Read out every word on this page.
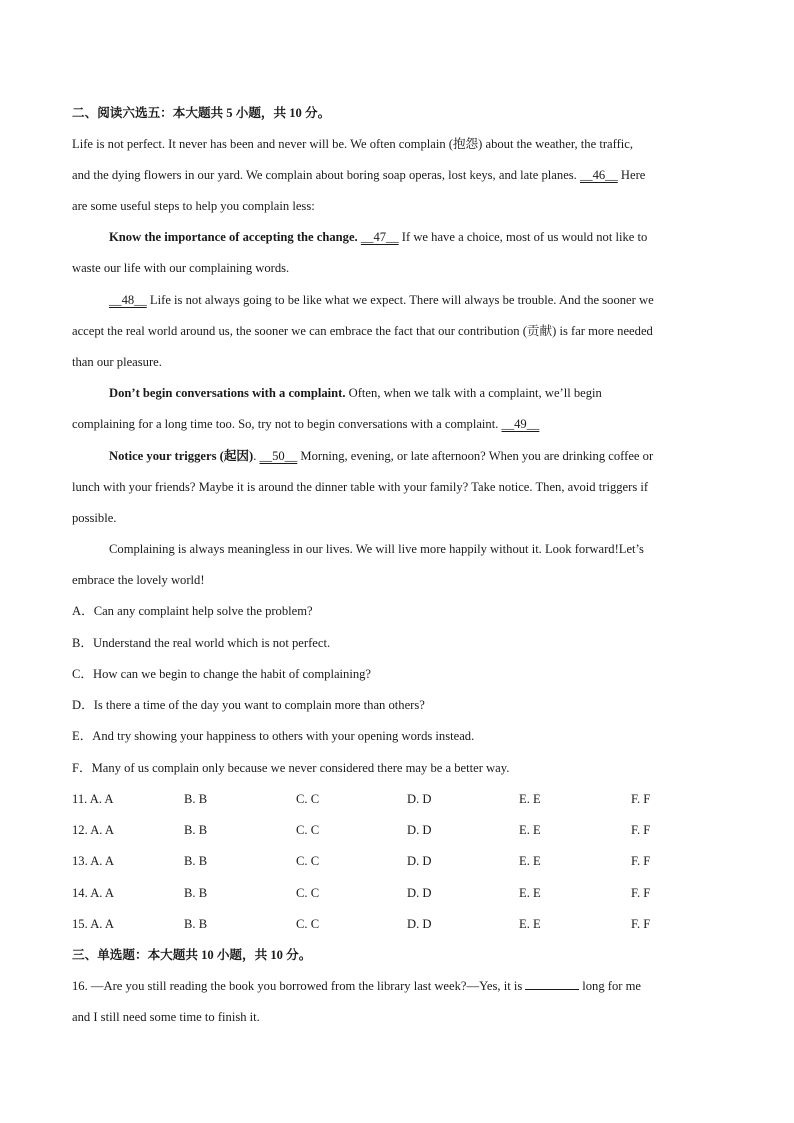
二、阅读六选五：本大题共 5 小题，共 10 分。
Life is not perfect. It never has been and never will be. We often complain (抱怨) about the weather, the traffic,
and the dying flowers in our yard. We complain about boring soap operas, lost keys, and late planes. __46__ Here
are some useful steps to help you complain less:
Know the importance of accepting the change. __47__ If we have a choice, most of us would not like to
waste our life with our complaining words.
__48__ Life is not always going to be like what we expect. There will always be trouble. And the sooner we
accept the real world around us, the sooner we can embrace the fact that our contribution (贡献) is far more needed
than our pleasure.
Don’t begin conversations with a complaint. Often, when we talk with a complaint, we’ll begin
complaining for a long time too. So, try not to begin conversations with a complaint. __49__
Notice your triggers (起因). __50__ Morning, evening, or late afternoon? When you are drinking coffee or
lunch with your friends? Maybe it is around the dinner table with your family? Take notice. Then, avoid triggers if
possible.
Complaining is always meaningless in our lives. We will live more happily without it. Look forward!Let’s
embrace the lovely world!
A．Can any complaint help solve the problem?
B．Understand the real world which is not perfect.
C．How can we begin to change the habit of complaining?
D．Is there a time of the day you want to complain more than others?
E．And try showing your happiness to others with your opening words instead.
F．Many of us complain only because we never considered there may be a better way.
11. A. A	B. B	C. C	D. D	E. E	F. F
12. A. A	B. B	C. C	D. D	E. E	F. F
13. A. A	B. B	C. C	D. D	E. E	F. F
14. A. A	B. B	C. C	D. D	E. E	F. F
15. A. A	B. B	C. C	D. D	E. E	F. F
三、单选题：本大题共 10 小题，共 10 分。
16. —Are you still reading the book you borrowed from the library last week?—Yes, it is	long for me
and I still need some time to finish it.
